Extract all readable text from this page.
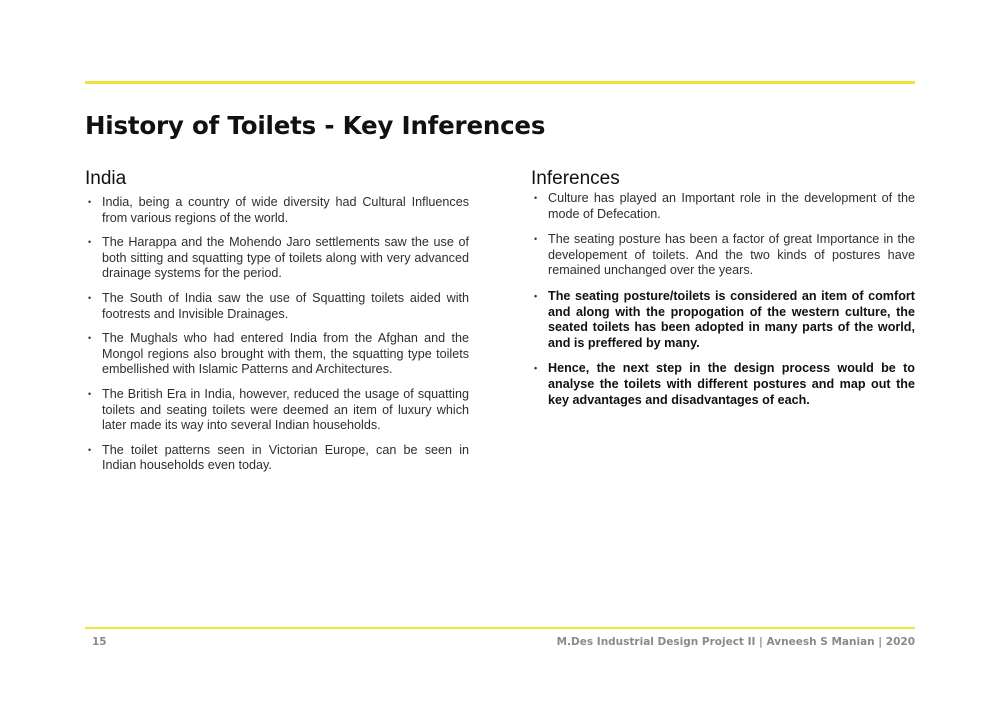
History of Toilets - Key Inferences
India
• India, being a country of wide diversity had Cultural Influences from various regions of the world.
• The Harappa and the Mohendo Jaro settlements saw the use of both sitting and squatting type of toilets along with very advanced drainage systems for the period.
• The South of India saw the use of Squatting toilets aided with footrests and Invisible Drainages.
• The Mughals who had entered India from the Afghan and the Mongol regions also brought with them, the squatting type toilets embellished with Islamic Patterns and Architectures.
• The British Era in India, however, reduced the usage of squatting toilets and seating toilets were deemed an item of luxury which later made its way into several Indian households.
• The toilet patterns seen in Victorian Europe, can be seen in Indian households even today.
Inferences
• Culture has played an Important role in the development of the mode of Defecation.
• The seating posture has been a factor of great Importance in the developement of toilets. And the two kinds of postures have remained unchanged over the years.
• The seating posture/toilets is considered an item of comfort and along with the propogation of the western culture, the seated toilets has been adopted in many parts of the world, and is preffered by many.
• Hence, the next step in the design process would be to analyse the toilets with different postures and map out the key advantages and disadvantages of each.
15	M.Des Industrial Design Project II | Avneesh S Manian | 2020
